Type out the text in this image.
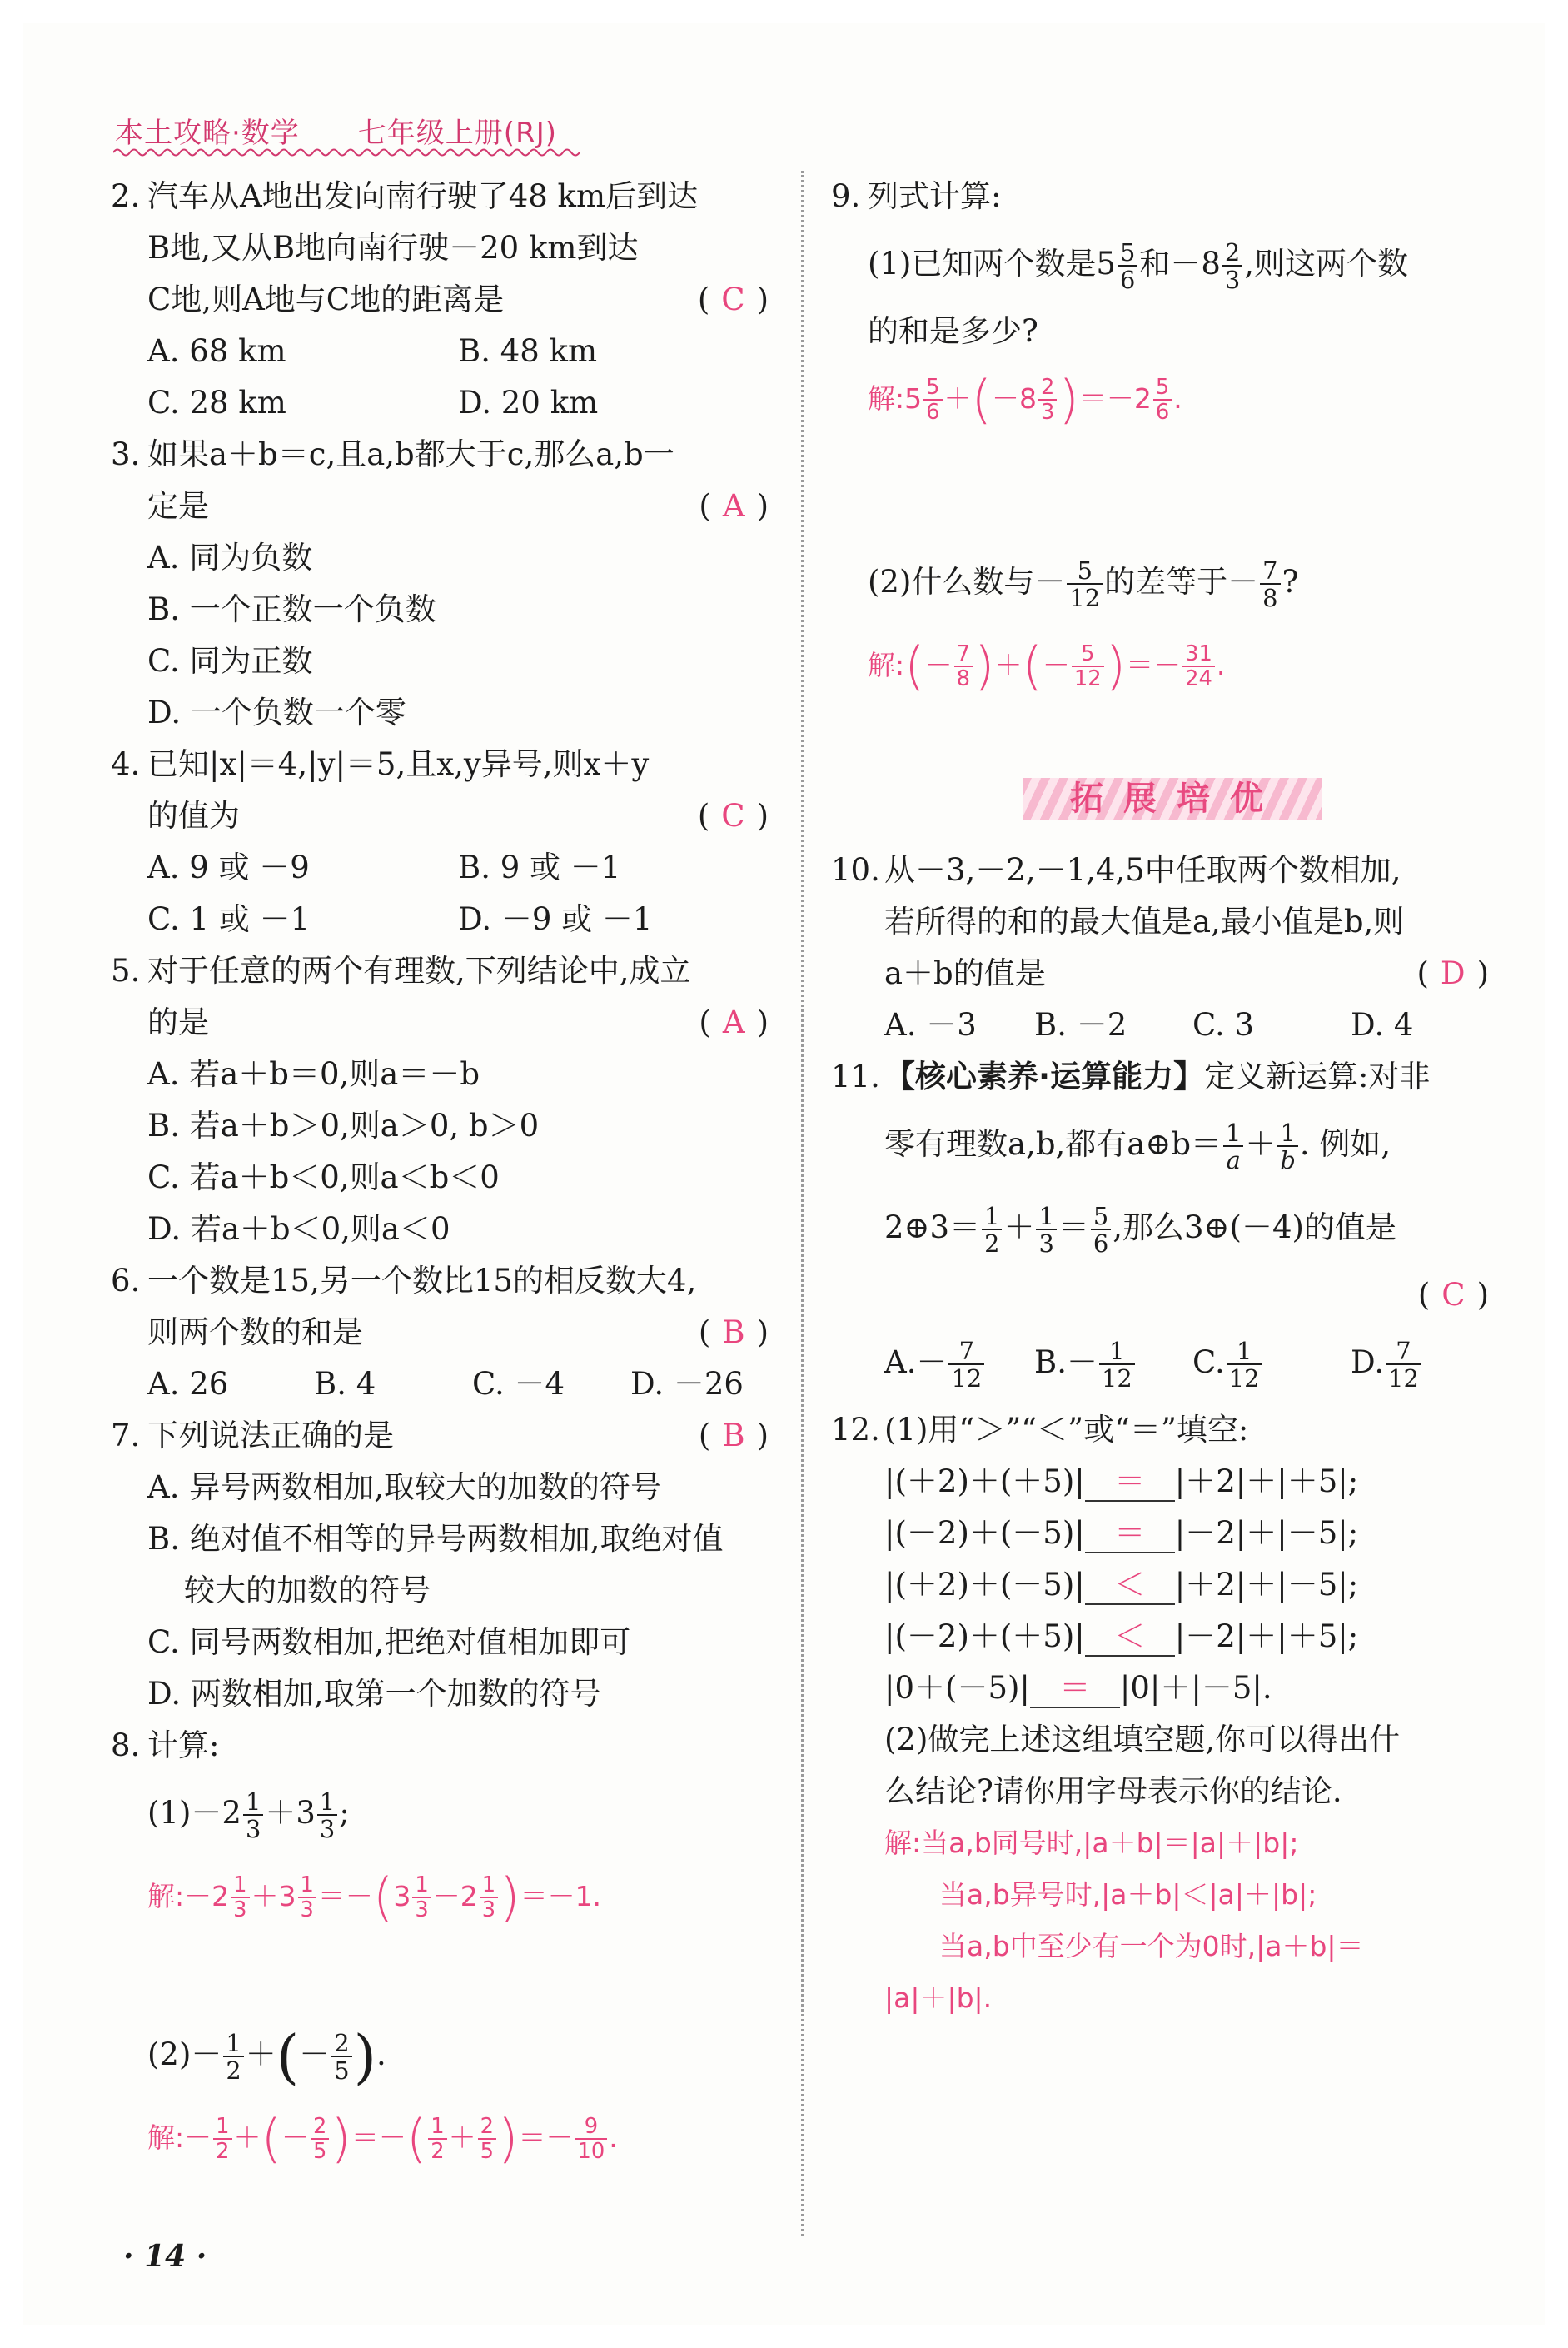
本土攻略·数学 七年级上册(RJ)
2. 汽车从A地出发向南行驶了48 km后到达
B地,又从B地向南行驶－20 km到达
C地,则A地与C地的距离是	( C )
A. 68 km	B. 48 km
C. 28 km	D. 20 km
3. 如果a＋b＝c,且a,b都大于c,那么a,b一
定是	( A )
A. 同为负数
B. 一个正数一个负数
C. 同为正数
D. 一个负数一个零
4. 已知|x|＝4,|y|＝5,且x,y异号,则x＋y
的值为	( C )
A. 9 或 －9	B. 9 或 －1
C. 1 或 －1	D. －9 或 －1
5. 对于任意的两个有理数,下列结论中,成立
的是	( A )
A. 若a＋b＝0,则a＝－b
B. 若a＋b＞0,则a＞0, b＞0
C. 若a＋b＜0,则a＜b＜0
D. 若a＋b＜0,则a＜0
6. 一个数是15,另一个数比15的相反数大4,
则两个数的和是	( B )
A. 26	B. 4	C. －4	D. －26
7. 下列说法正确的是	( B )
A. 异号两数相加,取较大的加数的符号
B. 绝对值不相等的异号两数相加,取绝对值
较大的加数的符号
C. 同号两数相加,把绝对值相加即可
D. 两数相加,取第一个加数的符号
8. 计算:
$(1)-2 \frac{1}{3} +3 \frac{1}{3}$ ;
解:－2 $\frac{1}{3} +3 \frac{1}{3} =-(3 \frac{1}{3} -2 \frac{1}{3} )=-1$.
$(2)- \frac{1}{2}$ ＋(－ $\frac{2}{5}$ ).
解:－ $\frac{1}{2}$ ＋(－ $\frac{2}{5}$ )＝－( $\frac{1}{2} + \frac{2}{5}$ )＝－ $\frac{9}{10}$ .
9. 列式计算:
(1)已知两个数是$5 \frac{5}{6}$ 和$-8 \frac{2}{3}$ ,则这两个数
的和是多少?
解:5 $\frac{5}{6} +(-8 \frac{2}{3} )=-2 \frac{5}{6}$ .
(2)什么数与－ $\frac{5}{12}$ 的差等于－ $\frac{7}{8}$ ?
解:(－ $\frac{7}{8}$ )＋(－ $\frac{5}{12}$ )＝－ $\frac{31}{24}$ .
拓展培优
10. 从－3,－2,－1,4,5中任取两个数相加,
若所得的和的最大值是a,最小值是b,则
a＋b的值是	( D )
A. －3	B. －2	C. 3	D. 4
11. 【核心素养·运算能力】定义新运算:对非
零有理数a,b,都有a⊕b＝ $\frac{1}{a} + \frac{1}{b}$ . 例如,
2⊕3＝ $\frac{1}{2} + \frac{1}{3} = \frac{5}{6}$ ,那么3⊕(－4)的值是
( C )
$A.- \frac{7}{12} B.- \frac{1}{12} C$. $\frac{1}{12}$	D. $\frac{7}{12}$
12. (1)用“＞”“＜”或“＝”填空:
|(＋2)＋(＋5)| ＝ |＋2|＋|＋5|;
|(－2)＋(－5)| ＝ |－2|＋|－5|;
|(＋2)＋(－5)| ＜ |＋2|＋|－5|;
|(－2)＋(＋5)| ＜ |－2|＋|＋5|;
|0＋(－5)| ＝ |0|＋|－5|.
(2)做完上述这组填空题,你可以得出什
么结论?请你用字母表示你的结论.
解:当a,b同号时,|a＋b|＝|a|＋|b|;
当a,b异号时,|a＋b|＜|a|＋|b|;
当a,b中至少有一个为0时,|a＋b|＝
|a|＋|b|.
· 14 ·
